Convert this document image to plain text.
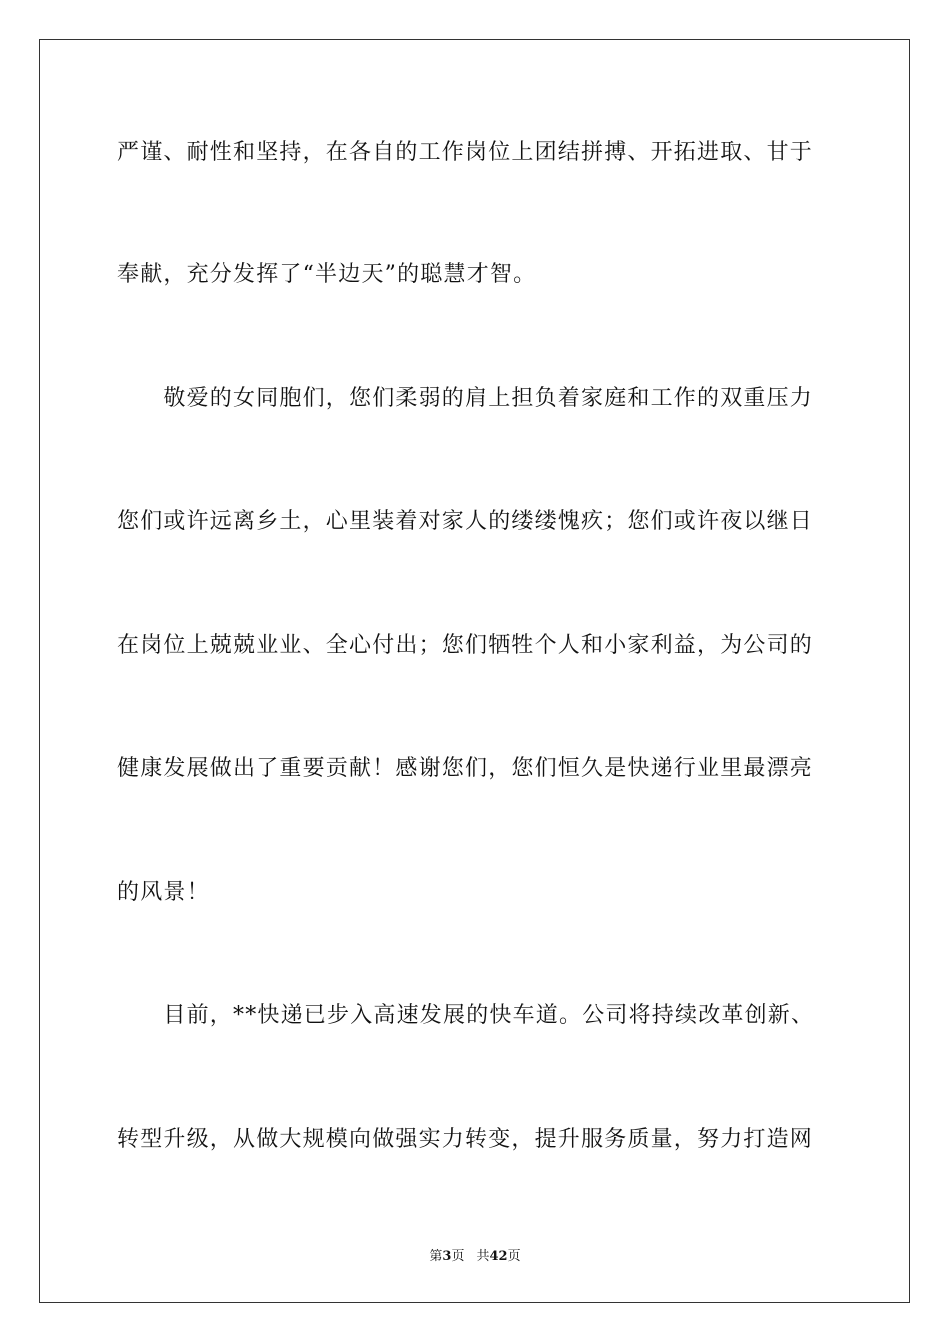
严谨、耐性和坚持，在各自的工作岗位上团结拼搏、开拓进取、甘于
奉献，充分发挥了“半边天”的聪慧才智。
　　敬爱的女同胞们，您们柔弱的肩上担负着家庭和工作的双重压力
您们或许远离乡土，心里装着对家人的缕缕愧疚；您们或许夜以继日
在岗位上兢兢业业、全心付出；您们牺牲个人和小家利益，为公司的
健康发展做出了重要贡献！感谢您们，您们恒久是快递行业里最漂亮
的风景！
　　目前，**快递已步入高速发展的快车道。公司将持续改革创新、
转型升级，从做大规模向做强实力转变，提升服务质量，努力打造网
第3页 共42页
